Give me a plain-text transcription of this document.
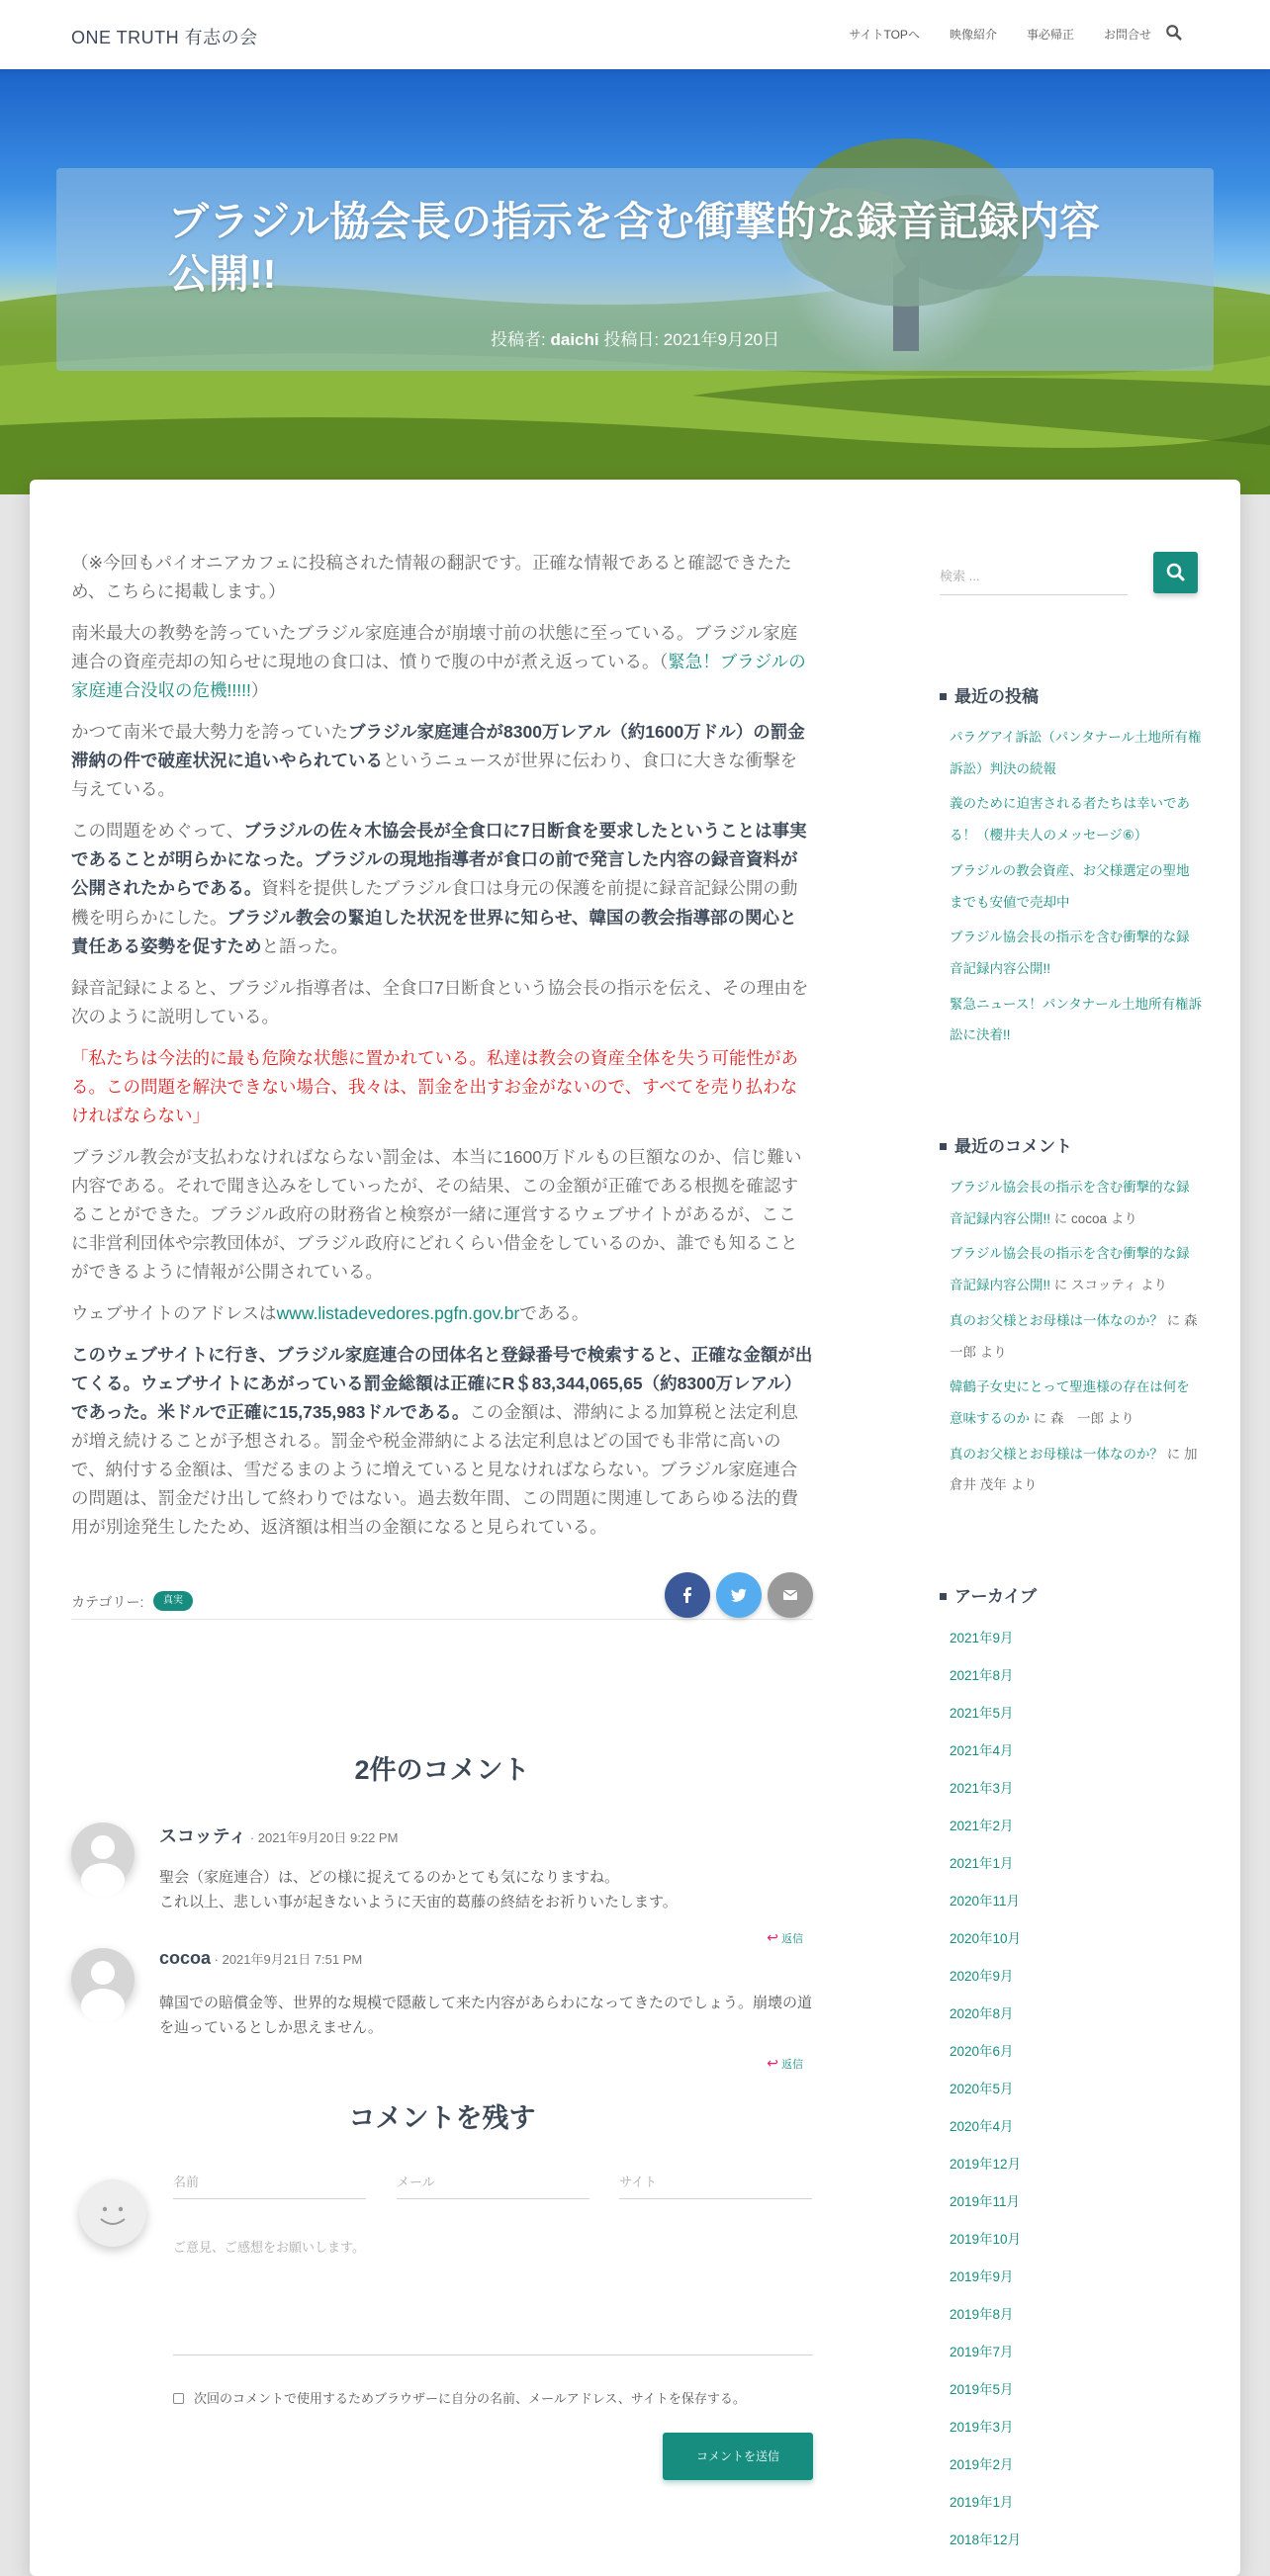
ONE TRUTH 有志の会	サイトTOPへ	映像紹介	事必帰正	お問合せ
ブラジル協会長の指示を含む衝撃的な録音記録内容公開!!
投稿者: daichi 投稿日: 2021年9月20日

（※今回もパイオニアカフェに投稿された情報の翻訳です。正確な情報であると確認できたため、こちらに掲載します。）

南米最大の教勢を誇っていたブラジル家庭連合が崩壊寸前の状態に至っている。ブラジル家庭連合の資産売却の知らせに現地の食口は、憤りで腹の中が煮え返っている。（緊急！ブラジルの家庭連合没収の危機!!!!!）

かつて南米で最大勢力を誇っていたブラジル家庭連合が8300万レアル（約1600万ドル）の罰金滞納の件で破産状況に追いやられているというニュースが世界に伝わり、食口に大きな衝撃を与えている。

この問題をめぐって、ブラジルの佐々木協会長が全食口に7日断食を要求したということは事実であることが明らかになった。ブラジルの現地指導者が食口の前で発言した内容の録音資料が公開されたからである。資料を提供したブラジル食口は身元の保護を前提に録音記録公開の動機を明らかにした。ブラジル教会の緊迫した状況を世界に知らせ、韓国の教会指導部の関心と責任ある姿勢を促すためと語った。

録音記録によると、ブラジル指導者は、全食口7日断食という協会長の指示を伝え、その理由を次のように説明している。

「私たちは今法的に最も危険な状態に置かれている。私達は教会の資産全体を失う可能性がある。この問題を解決できない場合、我々は、罰金を出すお金がないので、すべてを売り払わなければならない」

ブラジル教会が支払わなければならない罰金は、本当に1600万ドルもの巨額なのか、信じ難い内容である。それで聞き込みをしていったが、その結果、この金額が正確である根拠を確認することができた。ブラジル政府の財務省と検察が一緒に運営するウェブサイトがあるが、ここに非営利団体や宗教団体が、ブラジル政府にどれくらい借金をしているのか、誰でも知ることができるように情報が公開されている。

ウェブサイトのアドレスはwww.listadevedores.pgfn.gov.brである。

このウェブサイトに行き、ブラジル家庭連合の団体名と登録番号で検索すると、正確な金額が出てくる。ウェブサイトにあがっている罰金総額は正確にR＄83,344,065,65（約8300万レアル）であった。米ドルで正確に15,735,983ドルである。この金額は、滞納による加算税と法定利息が増え続けることが予想される。罰金や税金滞納による法定利息はどの国でも非常に高いので、納付する金額は、雪だるまのように増えていると見なければならない。ブラジル家庭連合の問題は、罰金だけ出して終わりではない。過去数年間、この問題に関連してあらゆる法的費用が別途発生したため、返済額は相当の金額になると見られている。

カテゴリー:	真実
2件のコメント
スコッティ · 2021年9月20日 9:22 PM
聖会（家庭連合）は、どの様に捉えてるのかとても気になりますね。
これ以上、悲しい事が起きないように天宙的葛藤の終結をお祈りいたします。
↩ 返信
cocoa · 2021年9月21日 7:51 PM
韓国での賠償金等、世界的な規模で隠蔽して来た内容があらわになってきたのでしょう。崩壊の道を辿っているとしか思えません。
↩ 返信
コメントを残す
名前	メール	サイト
ご意見、ご感想をお願いします。
次回のコメントで使用するためブラウザーに自分の名前、メールアドレス、サイトを保存する。
コメントを送信
検索 ...
最近の投稿
パラグアイ訴訟（パンタナール土地所有権訴訟）判決の続報
義のために迫害される者たちは幸いである！（櫻井夫人のメッセージ⑥）
ブラジルの教会資産、お父様選定の聖地までも安値で売却中
ブラジル協会長の指示を含む衝撃的な録音記録内容公開!!
緊急ニュース！パンタナール土地所有権訴訟に決着!!
最近のコメント
ブラジル協会長の指示を含む衝撃的な録音記録内容公開!! に cocoa より
ブラジル協会長の指示を含む衝撃的な録音記録内容公開!! に スコッティ より
真のお父様とお母様は一体なのか？ に 森　一郎 より
韓鶴子女史にとって聖進様の存在は何を意味するのか に 森　一郎 より
真のお父様とお母様は一体なのか？ に 加倉井 茂年 より
アーカイブ
2021年9月
2021年8月
2021年5月
2021年4月
2021年3月
2021年2月
2021年1月
2020年11月
2020年10月
2020年9月
2020年8月
2020年6月
2020年5月
2020年4月
2019年12月
2019年11月
2019年10月
2019年9月
2019年8月
2019年7月
2019年5月
2019年3月
2019年2月
2019年1月
2018年12月
